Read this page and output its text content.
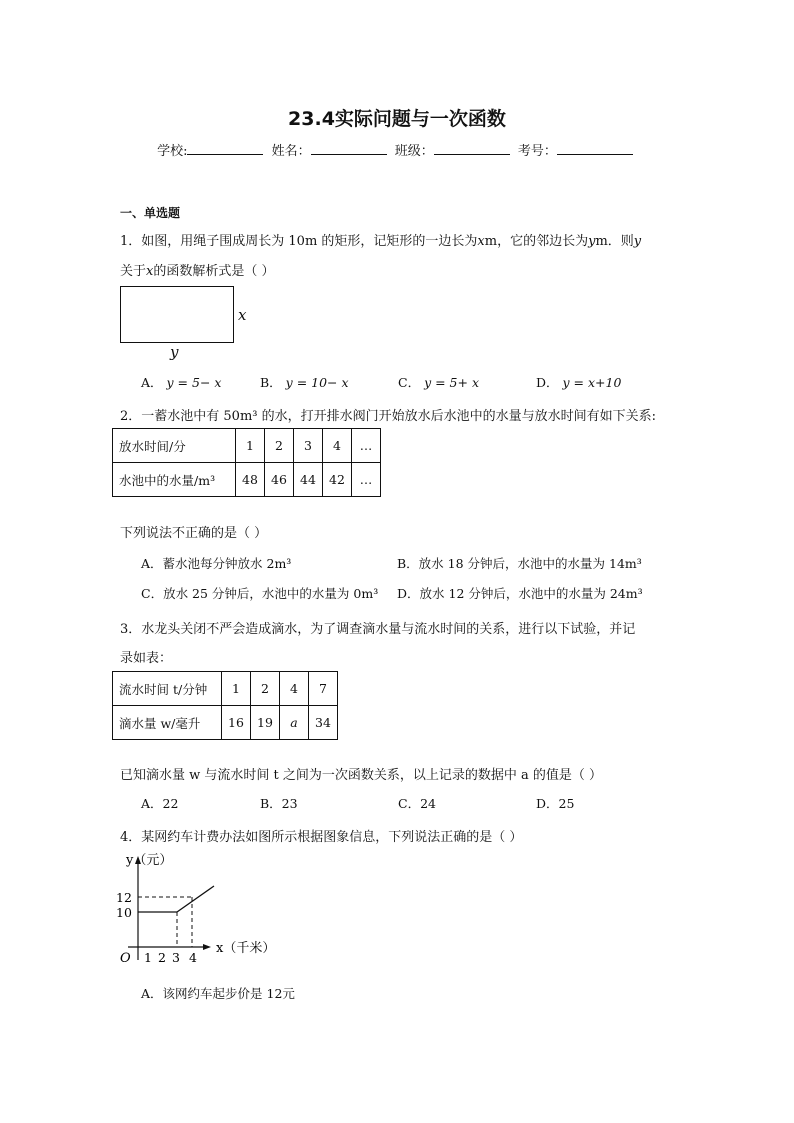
23.4实际问题与一次函数
学校:	姓名：	班级：	考号：
一、单选题
1．如图，用绳子围成周长为 10m 的矩形，记矩形的一边长为xm，它的邻边长为ym．则y
关于x的函数解析式是（ ）
x
y
A． y = 5− x	B． y = 10− x	C． y = 5+ x	D． y = x+10
2．一蓄水池中有 50m³ 的水，打开排水阀门开始放水后水池中的水量与放水时间有如下关系:
放水时间/分	1	2	3	4	…
水池中的水量/m³	48	46	44	42	…
下列说法不正确的是（ ）
A．蓄水池每分钟放水 2m³	B．放水 18 分钟后，水池中的水量为 14m³
C．放水 25 分钟后，水池中的水量为 0m³ D．放水 12 分钟后，水池中的水量为 24m³
3．水龙头关闭不严会造成滴水，为了调查滴水量与流水时间的关系，进行以下试验，并记
录如表：
流水时间 t/分钟	1	2	4	7
滴水量 w/毫升	16	19	a	34
已知滴水量 w 与流水时间 t 之间为一次函数关系，以上记录的数据中 a 的值是（ ）
A．22	B．23	C．24	D．25
4．某网约车计费办法如图所示根据图象信息，下列说法正确的是（ ）
y（元）
x（千米）
O
12
10
1 2 3 4
A．该网约车起步价是 12元
